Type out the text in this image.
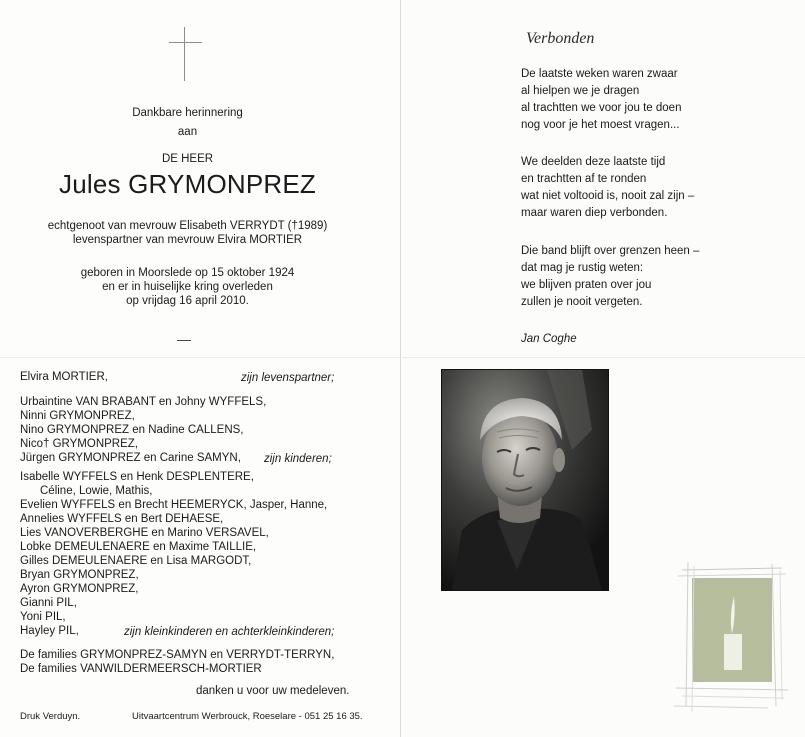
Dankbare herinnering
aan
DE HEER
Jules GRYMONPREZ
echtgenoot van mevrouw Elisabeth VERRYDT (†1989)
levenspartner van mevrouw Elvira MORTIER
geboren in Moorslede op 15 oktober 1924
en er in huiselijke kring overleden
op vrijdag 16 april 2010.
Elvira MORTIER,	zijn levenspartner;
Urbaintine VAN BRABANT en Johny WYFFELS,
Ninni GRYMONPREZ,
Nino GRYMONPREZ en Nadine CALLENS,
Nico† GRYMONPREZ,
Jürgen GRYMONPREZ en Carine SAMYN, zijn kinderen;
Isabelle WYFFELS en Henk DESPLENTERE,
Céline, Lowie, Mathis,
Evelien WYFFELS en Brecht HEEMERYCK, Jasper, Hanne,
Annelies WYFFELS en Bert DEHAESE,
Lies VANOVERBERGHE en Marino VERSAVEL,
Lobke DEMEULENAERE en Maxime TAILLIE,
Gilles DEMEULENAERE en Lisa MARGODT,
Bryan GRYMONPREZ,
Ayron GRYMONPREZ,
Gianni PIL,
Yoni PIL,
Hayley PIL,	zijn kleinkinderen en achterkleinkinderen;
De families GRYMONPREZ-SAMYN en VERRYDT-TERRYN,
De families VANWILDERMEERSCH-MORTIER
danken u voor uw medeleven.
Druk Verduyn.	Uitvaartcentrum Werbrouck, Roeselare - 051 25 16 35.
Verbonden
De laatste weken waren zwaar
al hielpen we je dragen
al trachtten we voor jou te doen
nog voor je het moest vragen...
We deelden deze laatste tijd
en trachtten af te ronden
wat niet voltooid is, nooit zal zijn –
maar waren diep verbonden.
Die band blijft over grenzen heen –
dat mag je rustig weten:
we blijven praten over jou
zullen je nooit vergeten.
Jan Coghe
